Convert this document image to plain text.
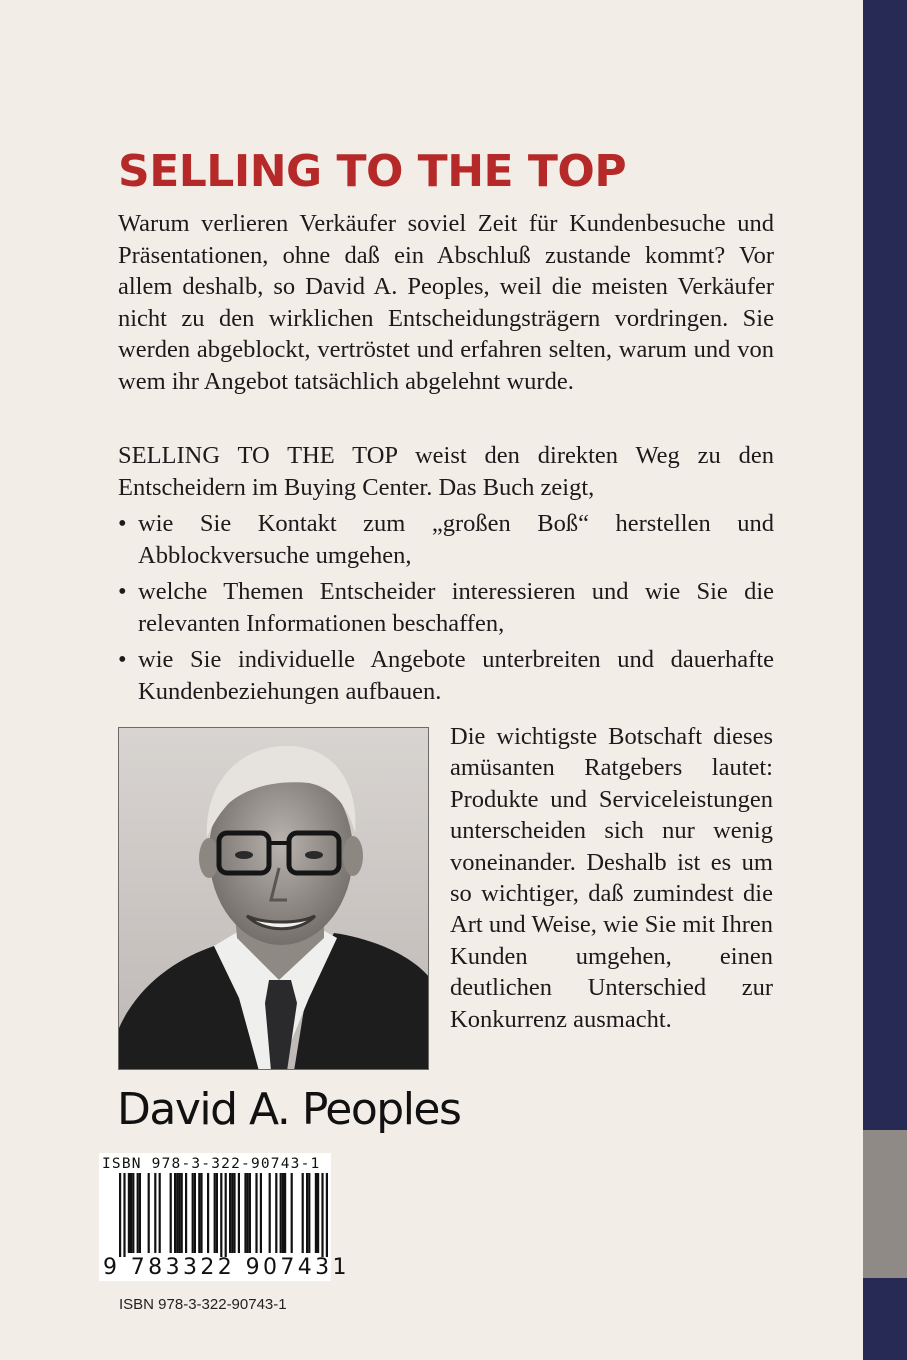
SELLING TO THE TOP

Warum verlieren Verkäufer soviel Zeit für Kundenbesuche und Präsentationen, ohne daß ein Abschluß zustande kommt? Vor allem deshalb, so David A. Peoples, weil die meisten Verkäufer nicht zu den wirklichen Entscheidungsträgern vordringen. Sie werden abgeblockt, vertröstet und erfahren selten, warum und von wem ihr Angebot tatsächlich abgelehnt wurde.

SELLING TO THE TOP weist den direkten Weg zu den Entscheidern im Buying Center. Das Buch zeigt,

• wie Sie Kontakt zum „großen Boß“ herstellen und Abblockversuche umgehen,
• welche Themen Entscheider interessieren und wie Sie die relevanten Informationen beschaffen,
• wie Sie individuelle Angebote unterbreiten und dauerhafte Kundenbeziehungen aufbauen.

Die wichtigste Botschaft dieses amüsanten Ratgebers lautet: Produkte und Serviceleistungen unterscheiden sich nur wenig voneinander. Deshalb ist es um so wichtiger, daß zumindest die Art und Weise, wie Sie mit Ihren Kunden umgehen, einen deutlichen Unterschied zur Konkurrenz ausmacht.

David A. Peoples
ISBN 978-3-322-90743-1
9 783322 907431
ISBN 978-3-322-90743-1
